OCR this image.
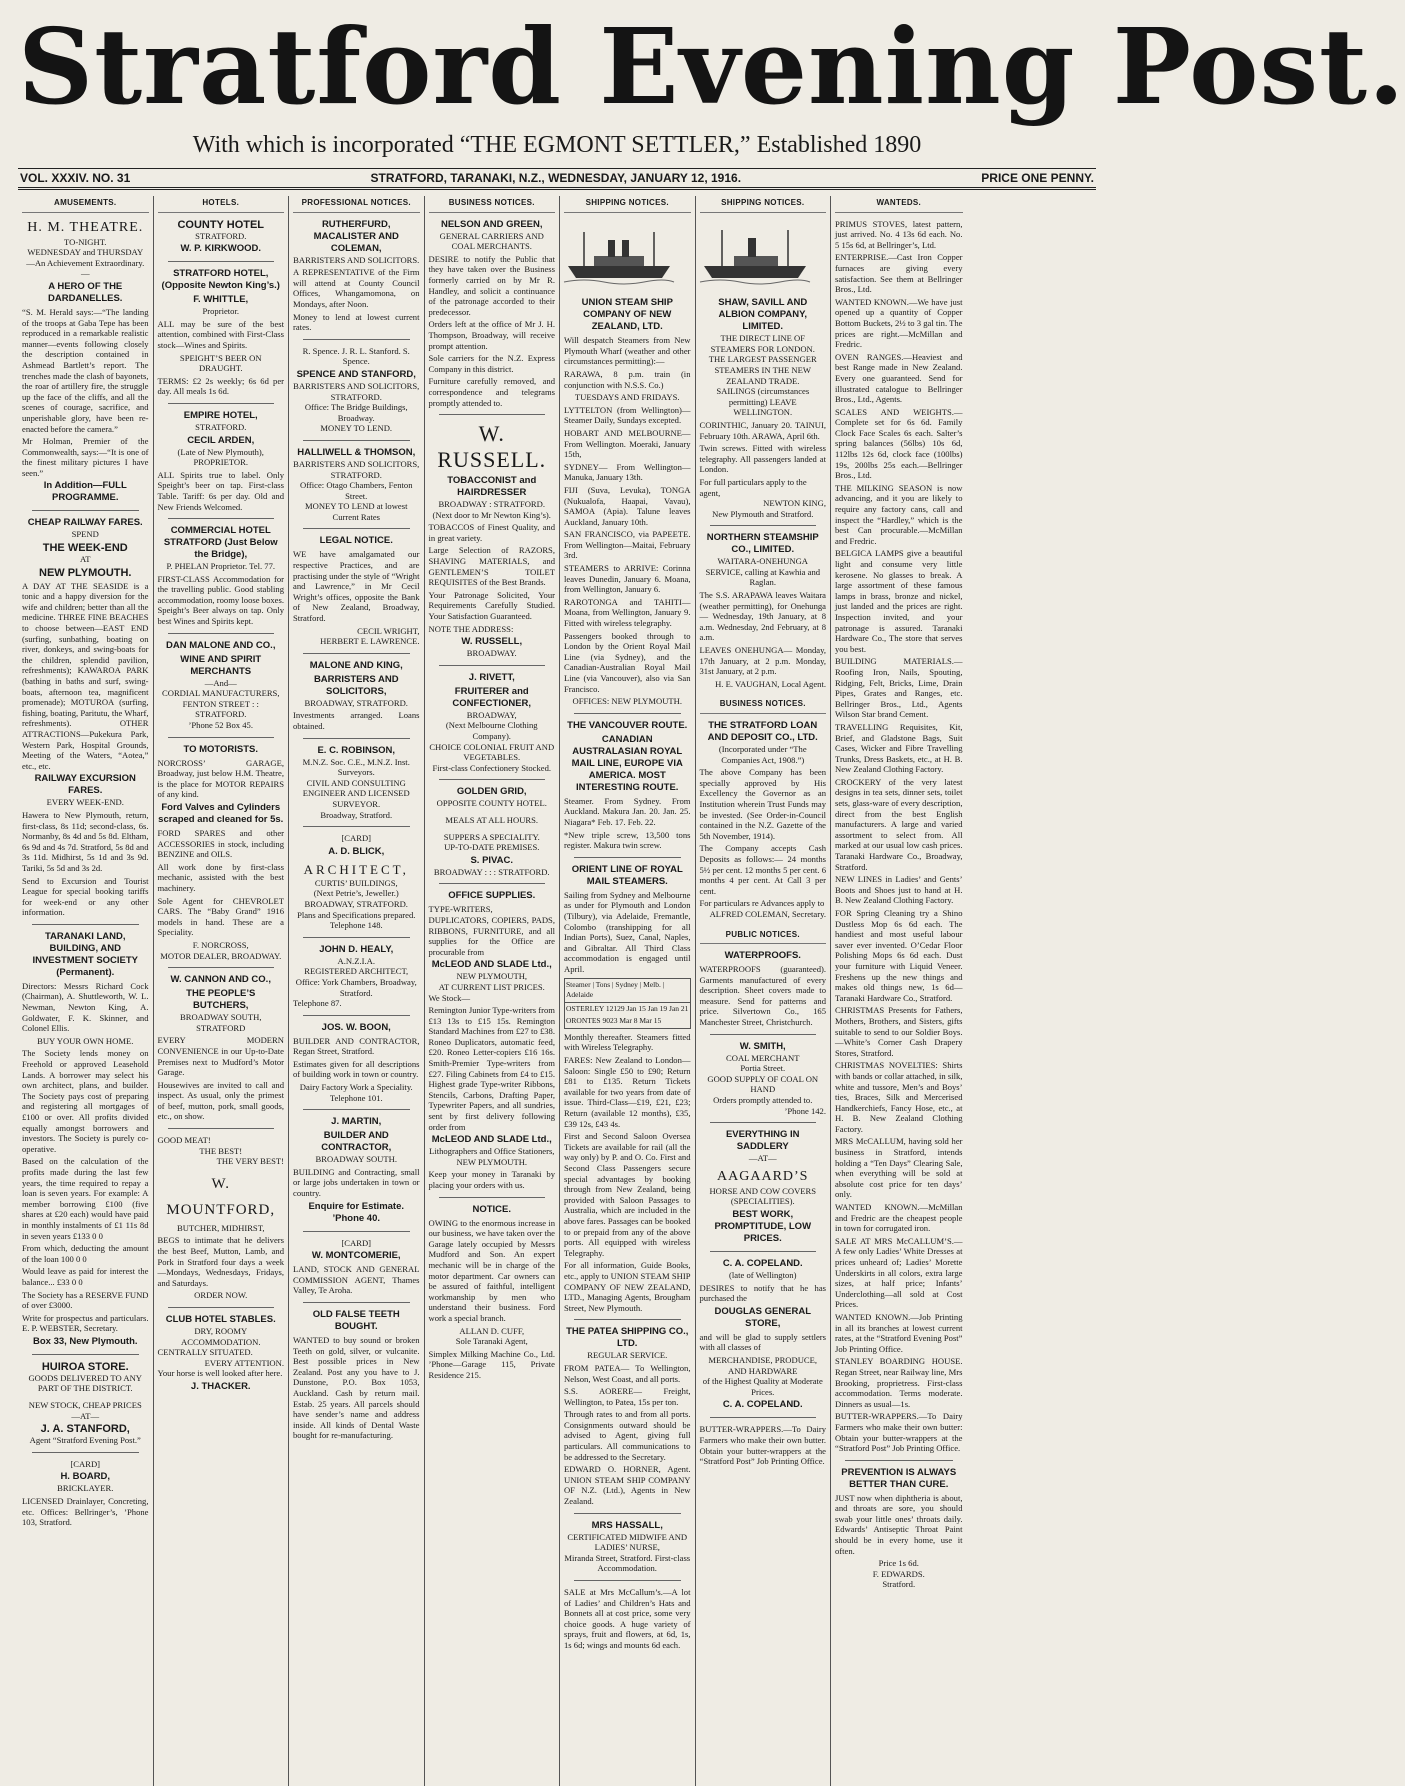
Stratford Evening Post.
With which is incorporated “THE EGMONT SETTLER,” Established 1890
VOL. XXXIV. NO. 31	STRATFORD, TARANAKI, N.Z., WEDNESDAY, JANUARY 12, 1916.	PRICE ONE PENNY.
AMUSEMENTS.
H. M. THEATRE.
TO-NIGHT.
WEDNESDAY and THURSDAY
—An Achievement Extraordinary.—
A HERO OF THE DARDANELLES.

“S. M. Herald says:—“The landing of the troops at Gaba Tepe has been reproduced in a remarkable realistic manner—events following closely the description contained in Ashmead Bartlett’s report. The trenches made the clash of bayonets, the roar of artillery fire, the struggle up the face of the cliffs, and all the scenes of courage, sacrifice, and unperishable glory, have been re-enacted before the camera.”

Mr Holman, Premier of the Commonwealth, says:—“It is one of the finest military pictures I have seen.”

In Addition—FULL PROGRAMME.
CHEAP RAILWAY FARES.
SPEND
THE WEEK-END
AT
NEW PLYMOUTH.

A DAY AT THE SEASIDE is a tonic and a happy diversion for the wife and children; better than all the medicine. THREE FINE BEACHES to choose between—EAST END (surfing, sunbathing, boating on river, donkeys, and swing-boats for the children, splendid pavilion, refreshments); KAWAROA PARK (bathing in baths and surf, swing-boats, afternoon tea, magnificent promenade); MOTUROA (surfing, fishing, boating, Paritutu, the Wharf, refreshments). OTHER ATTRACTIONS—Pukekura Park, Western Park, Hospital Grounds, Meeting of the Waters, “Aotea,” etc., etc.

RAILWAY EXCURSION FARES.
EVERY WEEK-END.

Hawera to New Plymouth, return, first-class, 8s 11d; second-class, 6s. Normanby, 8s 4d and 5s 8d. Eltham, 6s 9d and 4s 7d. Stratford, 5s 8d and 3s 11d. Midhirst, 5s 1d and 3s 9d. Tariki, 5s 5d and 3s 2d.

Send to Excursion and Tourist League for special booking tariffs for week-end or any other information.

TARANAKI LAND, BUILDING, AND INVESTMENT SOCIETY (Permanent).

Directors: Messrs Richard Cock (Chairman), A. Shuttleworth, W. L. Newman, Newton King, A. Goldwater, F. K. Skinner, and Colonel Ellis.

BUY YOUR OWN HOME.

The Society lends money on Freehold or approved Leasehold Lands. A borrower may select his own architect, plans, and builder. The Society pays cost of preparing and registering all mortgages of £100 or over. All profits divided equally amongst borrowers and investors. The Society is purely co-operative.

Based on the calculation of the profits made during the last few years, the time required to repay a loan is seven years. For example: A member borrowing £100 (five shares at £20 each) would have paid in monthly instalments of £1 11s 8d in seven years £133 0 0

From which, deducting the amount of the loan 100 0 0

Would leave as paid for interest the balance... £33 0 0

The Society has a RESERVE FUND of over £3000.

Write for prospectus and particulars. E. P. WEBSTER, Secretary.

Box 33, New Plymouth.
HUIROA STORE.
GOODS DELIVERED TO ANY PART OF THE DISTRICT.
NEW STOCK, CHEAP PRICES
—AT—
J. A. STANFORD,
Agent “Stratford Evening Post.”
[CARD]
H. BOARD,
BRICKLAYER.

LICENSED Drainlayer, Concreting, etc. Offices: Bellringer’s, ’Phone 103, Stratford.

HOTELS.
COUNTY HOTEL
STRATFORD.
W. P. KIRKWOOD.
STRATFORD HOTEL, (Opposite Newton King’s.)
F. WHITTLE,
Proprietor.

ALL may be sure of the best attention, combined with First-Class stock—Wines and Spirits.

SPEIGHT’S BEER ON DRAUGHT.

TERMS: £2 2s weekly; 6s 6d per day. All meals 1s 6d.

EMPIRE HOTEL,
STRATFORD.
CECIL ARDEN,
(Late of New Plymouth),
PROPRIETOR.

ALL Spirits true to label. Only Speight’s beer on tap. First-class Table. Tariff: 6s per day. Old and New Friends Welcomed.

COMMERCIAL HOTEL STRATFORD (Just Below the Bridge),
P. PHELAN Proprietor. Tel. 77.

FIRST-CLASS Accommodation for the travelling public. Good stabling accommodation, roomy loose boxes. Speight’s Beer always on tap. Only best Wines and Spirits kept.

DAN MALONE AND CO.,
WINE AND SPIRIT MERCHANTS
—And—
CORDIAL MANUFACTURERS,
FENTON STREET : : STRATFORD.
’Phone 52 Box 45.
TO MOTORISTS.

NORCROSS’ GARAGE, Broadway, just below H.M. Theatre, is the place for MOTOR REPAIRS of any kind.

Ford Valves and Cylinders scraped and cleaned for 5s.

FORD SPARES and other ACCESSORIES in stock, including BENZINE and OILS.

All work done by first-class mechanic, assisted with the best machinery.

Sole Agent for CHEVROLET CARS. The “Baby Grand” 1916 models in hand. These are a Speciality.

F. NORCROSS,
MOTOR DEALER, BROADWAY.
W. CANNON AND CO.,
THE PEOPLE’S BUTCHERS,
BROADWAY SOUTH, STRATFORD

EVERY MODERN CONVENIENCE in our Up-to-Date Premises next to Mudford’s Motor Garage.

Housewives are invited to call and inspect. As usual, only the primest of beef, mutton, pork, small goods, etc., on show.

GOOD MEAT!
THE BEST!
THE VERY BEST!
W. MOUNTFORD,
BUTCHER, MIDHIRST,

BEGS to intimate that he delivers the best Beef, Mutton, Lamb, and Pork in Stratford four days a week—Mondays, Wednesdays, Fridays, and Saturdays.

ORDER NOW.
CLUB HOTEL STABLES.
DRY, ROOMY ACCOMMODATION.
CENTRALLY SITUATED.
EVERY ATTENTION.
Your horse is well looked after here.
J. THACKER.
PROFESSIONAL NOTICES.
RUTHERFURD, MACALISTER AND COLEMAN,
BARRISTERS AND SOLICITORS.

A REPRESENTATIVE of the Firm will attend at County Council Offices, Whangamomona, on Mondays, after Noon.

Money to lend at lowest current rates.

R. Spence. J. R. L. Stanford. S. Spence.
SPENCE AND STANFORD,
BARRISTERS AND SOLICITORS, STRATFORD.
Office: The Bridge Buildings, Broadway.
MONEY TO LEND.
HALLIWELL & THOMSON,
BARRISTERS AND SOLICITORS, STRATFORD.
Office: Otago Chambers, Fenton Street.
MONEY TO LEND at lowest Current Rates
LEGAL NOTICE.

WE have amalgamated our respective Practices, and are practising under the style of “Wright and Lawrence,” in Mr Cecil Wright’s offices, opposite the Bank of New Zealand, Broadway, Stratford.

CECIL WRIGHT,
HERBERT E. LAWRENCE.
MALONE AND KING,
BARRISTERS AND SOLICITORS,
BROADWAY, STRATFORD.

Investments arranged. Loans obtained.

E. C. ROBINSON,
M.N.Z. Soc. C.E., M.N.Z. Inst. Surveyors.
CIVIL AND CONSULTING ENGINEER AND LICENSED SURVEYOR.
Broadway, Stratford.
[CARD]
A. D. BLICK,
ARCHITECT,
CURTIS’ BUILDINGS,
(Next Petrie’s, Jeweller.) BROADWAY, STRATFORD.
Plans and Specifications prepared. Telephone 148.
JOHN D. HEALY,
A.N.Z.I.A.
REGISTERED ARCHITECT,
Office: York Chambers, Broadway, Stratford.
Telephone 87.
JOS. W. BOON,

BUILDER AND CONTRACTOR, Regan Street, Stratford.

Estimates given for all descriptions of building work in town or country.

Dairy Factory Work a Speciality. Telephone 101.
J. MARTIN,
BUILDER AND CONTRACTOR,
BROADWAY SOUTH.

BUILDING and Contracting, small or large jobs undertaken in town or country.

Enquire for Estimate. ’Phone 40.
[CARD]
W. MONTCOMERIE,

LAND, STOCK AND GENERAL COMMISSION AGENT, Thames Valley, Te Aroha.

OLD FALSE TEETH BOUGHT.

WANTED to buy sound or broken Teeth on gold, silver, or vulcanite. Best possible prices in New Zealand. Post any you have to J. Dunstone, P.O. Box 1053, Auckland. Cash by return mail. Estab. 25 years. All parcels should have sender’s name and address inside. All kinds of Dental Waste bought for re-manufacturing.

BUSINESS NOTICES.
NELSON AND GREEN,
GENERAL CARRIERS AND COAL MERCHANTS.

DESIRE to notify the Public that they have taken over the Business formerly carried on by Mr R. Handley, and solicit a continuance of the patronage accorded to their predecessor.

Orders left at the office of Mr J. H. Thompson, Broadway, will receive prompt attention.

Sole carriers for the N.Z. Express Company in this district.

Furniture carefully removed, and correspondence and telegrams promptly attended to.

W. RUSSELL.
TOBACCONIST and HAIRDRESSER
BROADWAY : STRATFORD.
(Next door to Mr Newton King’s).

TOBACCOS of Finest Quality, and in great variety.

Large Selection of RAZORS, SHAVING MATERIALS, and GENTLEMEN’S TOILET REQUISITES of the Best Brands.

Your Patronage Solicited, Your Requirements Carefully Studied. Your Satisfaction Guaranteed.

NOTE THE ADDRESS:
W. RUSSELL,
BROADWAY.
J. RIVETT,
FRUITERER and CONFECTIONER,
BROADWAY,
(Next Melbourne Clothing Company).
CHOICE COLONIAL FRUIT AND VEGETABLES.
First-class Confectionery Stocked.
GOLDEN GRID,
OPPOSITE COUNTY HOTEL.
MEALS AT ALL HOURS.
SUPPERS A SPECIALITY.
UP-TO-DATE PREMISES.
S. PIVAC.
BROADWAY : : : STRATFORD.
OFFICE SUPPLIES.

TYPE-WRITERS, DUPLICATORS, COPIERS, PADS, RIBBONS, FURNITURE, and all supplies for the Office are procurable from

McLEOD AND SLADE Ltd.,
NEW PLYMOUTH,
AT CURRENT LIST PRICES.
We Stock—

Remington Junior Type-writers from £13 13s to £15 15s. Remington Standard Machines from £27 to £38. Roneo Duplicators, automatic feed, £20. Roneo Letter-copiers £16 16s. Smith-Premier Type-writers from £27. Filing Cabinets from £4 to £15. Highest grade Type-writer Ribbons, Stencils, Carbons, Drafting Paper, Typewriter Papers, and all sundries, sent by first delivery following order from

McLEOD AND SLADE Ltd.,
Lithographers and Office Stationers, NEW PLYMOUTH.

Keep your money in Taranaki by placing your orders with us.

NOTICE.

OWING to the enormous increase in our business, we have taken over the Garage lately occupied by Messrs Mudford and Son. An expert mechanic will be in charge of the motor department. Car owners can be assured of faithful, intelligent workmanship by men who understand their business. Ford work a special branch.

ALLAN D. CUFF,
Sole Taranaki Agent,

Simplex Milking Machine Co., Ltd. ’Phone—Garage 115, Private Residence 215.

SHIPPING NOTICES.
UNION STEAM SHIP COMPANY OF NEW ZEALAND, LTD.

Will despatch Steamers from New Plymouth Wharf (weather and other circumstances permitting):—

RARAWA, 8 p.m. train (in conjunction with N.S.S. Co.)

TUESDAYS AND FRIDAYS.

LYTTELTON (from Wellington)— Steamer Daily, Sundays excepted.

HOBART AND MELBOURNE—From Wellington. Moeraki, January 15th,

SYDNEY— From Wellington—Manuka, January 13th.

FIJI (Suva, Levuka), TONGA (Nukualofa, Haapai, Vavau), SAMOA (Apia). Talune leaves Auckland, January 10th.

SAN FRANCISCO, via PAPEETE. From Wellington—Maitai, February 3rd.

STEAMERS to ARRIVE: Corinna leaves Dunedin, January 6. Moana, from Wellington, January 6.

RAROTONGA and TAHITI— Moana, from Wellington, January 9. Fitted with wireless telegraphy.

Passengers booked through to London by the Orient Royal Mail Line (via Sydney), and the Canadian-Australian Royal Mail Line (via Vancouver), also via San Francisco.

OFFICES: NEW PLYMOUTH.
THE VANCOUVER ROUTE.
CANADIAN AUSTRALASIAN ROYAL MAIL LINE, EUROPE VIA AMERICA. MOST INTERESTING ROUTE.

Steamer. From Sydney. From Auckland. Makura Jan. 20. Jan. 25. Niagara* Feb. 17. Feb. 22.

*New triple screw, 13,500 tons register. Makura twin screw.

ORIENT LINE OF ROYAL MAIL STEAMERS.

Sailing from Sydney and Melbourne as under for Plymouth and London (Tilbury), via Adelaide, Fremantle, Colombo (transhipping for all Indian Ports), Suez, Canal, Naples, and Gibraltar. All Third Class accommodation is engaged until April.

Steamer | Tons | Sydney | Melb. | Adelaide
OSTERLEY 12129 Jan 15 Jan 19 Jan 21
ORONTES 9023 Mar 8 Mar 15

Monthly thereafter. Steamers fitted with Wireless Telegraphy.

FARES: New Zealand to London— Saloon: Single £50 to £90; Return £81 to £135. Return Tickets available for two years from date of issue. Third-Class—£19, £21, £23; Return (available 12 months), £35, £39 12s, £43 4s.

First and Second Saloon Oversea Tickets are available for rail (all the way only) by P. and O. Co. First and Second Class Passengers secure special advantages by booking through from New Zealand, being provided with Saloon Passages to Australia, which are included in the above fares. Passages can be booked to or prepaid from any of the above ports. All equipped with wireless Telegraphy.

For all information, Guide Books, etc., apply to UNION STEAM SHIP COMPANY OF NEW ZEALAND, LTD., Managing Agents, Brougham Street, New Plymouth.

THE PATEA SHIPPING CO., LTD.
REGULAR SERVICE.

FROM PATEA— To Wellington, Nelson, West Coast, and all ports.

S.S. AORERE— Freight, Wellington, to Patea, 15s per ton.

Through rates to and from all ports. Consignments outward should be advised to Agent, giving full particulars. All communications to be addressed to the Secretary.

EDWARD O. HORNER, Agent. UNION STEAM SHIP COMPANY OF N.Z. (Ltd.), Agents in New Zealand.

MRS HASSALL,
CERTIFICATED MIDWIFE AND LADIES’ NURSE,
Miranda Street, Stratford. First-class Accommodation.

SALE at Mrs McCallum’s.—A lot of Ladies’ and Children’s Hats and Bonnets all at cost price, some very choice goods. A huge variety of sprays, fruit and flowers, at 6d, 1s, 1s 6d; wings and mounts 6d each.

SHIPPING NOTICES.
SHAW, SAVILL AND ALBION COMPANY, LIMITED.
THE DIRECT LINE OF STEAMERS FOR LONDON.
THE LARGEST PASSENGER STEAMERS IN THE NEW ZEALAND TRADE.
SAILINGS (circumstances permitting) LEAVE WELLINGTON.

CORINTHIC, January 20. TAINUI, February 10th. ARAWA, April 6th.

Twin screws. Fitted with wireless telegraphy. All passengers landed at London.

For full particulars apply to the agent,
NEWTON KING,
New Plymouth and Stratford.
NORTHERN STEAMSHIP CO., LIMITED.
WAITARA-ONEHUNGA SERVICE, calling at Kawhia and Raglan.

The S.S. ARAPAWA leaves Waitara (weather permitting), for Onehunga— Wednesday, 19th January, at 8 a.m. Wednesday, 2nd February, at 8 a.m.

LEAVES ONEHUNGA— Monday, 17th January, at 2 p.m. Monday, 31st January, at 2 p.m.

H. E. VAUGHAN, Local Agent.
BUSINESS NOTICES.
THE STRATFORD LOAN AND DEPOSIT CO., LTD.
(Incorporated under “The Companies Act, 1908.”)

The above Company has been specially approved by His Excellency the Governor as an Institution wherein Trust Funds may be invested. (See Order-in-Council contained in the N.Z. Gazette of the 5th November, 1914).

The Company accepts Cash Deposits as follows:— 24 months 5½ per cent. 12 months 5 per cent. 6 months 4 per cent. At Call 3 per cent.

For particulars re Advances apply to
ALFRED COLEMAN, Secretary.
PUBLIC NOTICES.
WATERPROOFS.

WATERPROOFS (guaranteed). Garments manufactured of every description. Sheet covers made to measure. Send for patterns and price. Silvertown Co., 165 Manchester Street, Christchurch.

W. SMITH,
COAL MERCHANT
Portia Street.
GOOD SUPPLY OF COAL ON HAND
Orders promptly attended to.
’Phone 142.
EVERYTHING IN SADDLERY
—AT—
AAGAARD’S
HORSE AND COW COVERS (SPECIALITIES).
BEST WORK, PROMPTITUDE, LOW PRICES.
C. A. COPELAND.
(late of Wellington)

DESIRES to notify that he has purchased the

DOUGLAS GENERAL STORE,

and will be glad to supply settlers with all classes of

MERCHANDISE, PRODUCE, AND HARDWARE
of the Highest Quality at Moderate Prices.
C. A. COPELAND.

BUTTER-WRAPPERS.—To Dairy Farmers who make their own butter. Obtain your butter-wrappers at the “Stratford Post” Job Printing Office.

WANTEDS.

PRIMUS STOVES, latest pattern, just arrived. No. 4 13s 6d each. No. 5 15s 6d, at Bellringer’s, Ltd.

ENTERPRISE.—Cast Iron Copper furnaces are giving every satisfaction. See them at Bellringer Bros., Ltd.

WANTED KNOWN.—We have just opened up a quantity of Copper Bottom Buckets, 2½ to 3 gal tin. The prices are right.—McMillan and Fredric.

OVEN RANGES.—Heaviest and best Range made in New Zealand. Every one guaranteed. Send for illustrated catalogue to Bellringer Bros., Ltd., Agents.

SCALES AND WEIGHTS.—Complete set for 6s 6d. Family Clock Face Scales 6s each. Salter’s spring balances (56lbs) 10s 6d, 112lbs 12s 6d, clock face (100lbs) 19s, 200lbs 25s each.—Bellringer Bros., Ltd.

THE MILKING SEASON is now advancing, and it you are likely to require any factory cans, call and inspect the “Hardley,” which is the best Can procurable.—McMillan and Fredric.

BELGICA LAMPS give a beautiful light and consume very little kerosene. No glasses to break. A large assortment of these famous lamps in brass, bronze and nickel, just landed and the prices are right. Inspection invited, and your patronage is assured. Taranaki Hardware Co., The store that serves you best.

BUILDING MATERIALS.—Roofing Iron, Nails, Spouting, Ridging, Felt, Bricks, Lime, Drain Pipes, Grates and Ranges, etc. Bellringer Bros., Ltd., Agents Wilson Star brand Cement.

TRAVELLING Requisites, Kit, Brief, and Gladstone Bags, Suit Cases, Wicker and Fibre Travelling Trunks, Dress Baskets, etc., at H. B. New Zealand Clothing Factory.

CROCKERY of the very latest designs in tea sets, dinner sets, toilet sets, glass-ware of every description, direct from the best English manufacturers. A large and varied assortment to select from. All marked at our usual low cash prices. Taranaki Hardware Co., Broadway, Stratford.

NEW LINES in Ladies’ and Gents’ Boots and Shoes just to hand at H. B. New Zealand Clothing Factory.

FOR Spring Cleaning try a Shino Dustless Mop 6s 6d each. The handiest and most useful labour saver ever invented. O’Cedar Floor Polishing Mops 6s 6d each. Dust your furniture with Liquid Veneer. Freshens up the new things and makes old things new, 1s 6d—Taranaki Hardware Co., Stratford.

CHRISTMAS Presents for Fathers, Mothers, Brothers, and Sisters, gifts suitable to send to our Soldier Boys.—White’s Corner Cash Drapery Stores, Stratford.

CHRISTMAS NOVELTIES: Shirts with bands or collar attached, in silk, white and tussore, Men’s and Boys’ ties, Braces, Silk and Mercerised Handkerchiefs, Fancy Hose, etc., at H. B. New Zealand Clothing Factory.

MRS McCALLUM, having sold her business in Stratford, intends holding a “Ten Days” Clearing Sale, when everything will be sold at absolute cost price for ten days’ only.

WANTED KNOWN.—McMillan and Fredric are the cheapest people in town for corrugated iron.

SALE AT MRS McCALLUM’S.—A few only Ladies’ White Dresses at prices unheard of; Ladies’ Morette Underskirts in all colors, extra large sizes, at half price; Infants’ Underclothing—all sold at Cost Prices.

WANTED KNOWN.—Job Printing in all its branches at lowest current rates, at the “Stratford Evening Post” Job Printing Office.

STANLEY BOARDING HOUSE. Regan Street, near Railway line, Mrs Brooking, proprietress. First-class accommodation. Terms moderate. Dinners as usual—1s.

BUTTER-WRAPPERS.—To Dairy Farmers who make their own butter: Obtain your butter-wrappers at the “Stratford Post” Job Printing Office.

PREVENTION IS ALWAYS BETTER THAN CURE.

JUST now when diphtheria is about, and throats are sore, you should swab your little ones’ throats daily. Edwards’ Antiseptic Throat Paint should be in every home, use it often.

Price 1s 6d.
F. EDWARDS.
Stratford.
